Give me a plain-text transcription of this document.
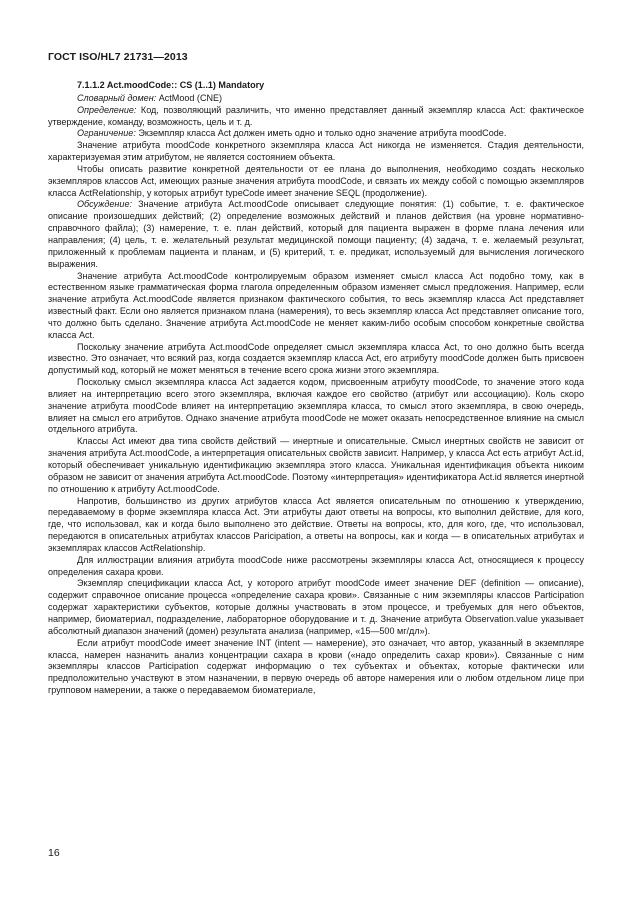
ГОСТ ISO/HL7 21731—2013

7.1.1.2 Act.moodCode:: CS (1..1) Mandatory

Словарный домен: ActMood (CNE)

Определение: Код, позволяющий различить, что именно представляет данный экземпляр класса Act: фактическое утверждение, команду, возможность, цель и т. д.

Ограничение: Экземпляр класса Act должен иметь одно и только одно значение атрибута moodCode.

Значение атрибута moodCode конкретного экземпляра класса Act никогда не изменяется. Стадия деятельности, характеризуемая этим атрибутом, не является состоянием объекта.

Чтобы описать развитие конкретной деятельности от ее плана до выполнения, необходимо создать несколько экземпляров классов Act, имеющих разные значения атрибута moodCode, и связать их между собой с помощью экземпляров класса ActRelationship, у которых атрибут typeCode имеет значение SEQL (продолжение).

Обсуждение: Значение атрибута Act.moodCode описывает следующие понятия: (1) событие, т. е. фактическое описание произошедших действий; (2) определение возможных действий и планов действия (на уровне нормативно-справочного файла); (3) намерение, т. е. план действий, который для пациента выражен в форме плана лечения или направления; (4) цель, т. е. желательный результат медицинской помощи пациенту; (4) задача, т. е. желаемый результат, приложенный к проблемам пациента и планам, и (5) критерий, т. е. предикат, используемый для вычисления логического выражения.

Значение атрибута Act.moodCode контролируемым образом изменяет смысл класса Act подобно тому, как в естественном языке грамматическая форма глагола определенным образом изменяет смысл предложения. Например, если значение атрибута Act.moodCode является признаком фактического события, то весь экземпляр класса Act представляет известный факт. Если оно является признаком плана (намерения), то весь экземпляр класса Act представляет описание того, что должно быть сделано. Значение атрибута Act.moodCode не меняет каким-либо особым способом конкретные свойства класса Act.

Поскольку значение атрибута Act.moodCode определяет смысл экземпляра класса Act, то оно должно быть всегда известно. Это означает, что всякий раз, когда создается экземпляр класса Act, его атрибуту moodCode должен быть присвоен допустимый код, который не может меняться в течение всего срока жизни этого экземпляра.

Поскольку смысл экземпляра класса Act задается кодом, присвоенным атрибуту moodCode, то значение этого кода влияет на интерпретацию всего этого экземпляра, включая каждое его свойство (атрибут или ассоциацию). Коль скоро значение атрибута moodCode влияет на интерпретацию экземпляра класса, то смысл этого экземпляра, в свою очередь, влияет на смысл его атрибутов. Однако значение атрибута moodCode не может оказать непосредственное влияние на смысл отдельного атрибута.

Классы Act имеют два типа свойств действий — инертные и описательные. Смысл инертных свойств не зависит от значения атрибута Act.moodCode, а интерпретация описательных свойств зависит. Например, у класса Act есть атрибут Act.id, который обеспечивает уникальную идентификацию экземпляра этого класса. Уникальная идентификация объекта никоим образом не зависит от значения атрибута Act.moodCode. Поэтому «интерпретация» идентификатора Act.id является инертной по отношению к атрибуту Act.moodCode.

Напротив, большинство из других атрибутов класса Act является описательным по отношению к утверждению, передаваемому в форме экземпляра класса Act. Эти атрибуты дают ответы на вопросы, кто выполнил действие, для кого, где, что использовал, как и когда было выполнено это действие. Ответы на вопросы, кто, для кого, где, что использовал, передаются в описательных атрибутах классов Paricipation, а ответы на вопросы, как и когда — в описательных атрибутах и экземплярах классов ActRelationship.

Для иллюстрации влияния атрибута moodCode ниже рассмотрены экземпляры класса Act, относящиеся к процессу определения сахара крови.

Экземпляр спецификации класса Act, у которого атрибут moodCode имеет значение DEF (definition — описание), содержит справочное описание процесса «определение сахара крови». Связанные с ним экземпляры классов Participation содержат характеристики субъектов, которые должны участвовать в этом процессе, и требуемых для него объектов, например, биоматериал, подразделение, лабораторное оборудование и т. д. Значение атрибута Observation.value указывает абсолютный диапазон значений (домен) результата анализа (например, «15—500 мг/дл»).

Если атрибут moodCode имеет значение INT (intent — намерение), это означает, что автор, указанный в экземпляре класса, намерен назначить анализ концентрации сахара в крови («надо определить сахар крови»). Связанные с ним экземпляры классов Participation содержат информацию о тех субъектах и объектах, которые фактически или предположительно участвуют в этом назначении, в первую очередь об авторе намерения или о любом отдельном лице при групповом намерении, а также о передаваемом биоматериале,

16
